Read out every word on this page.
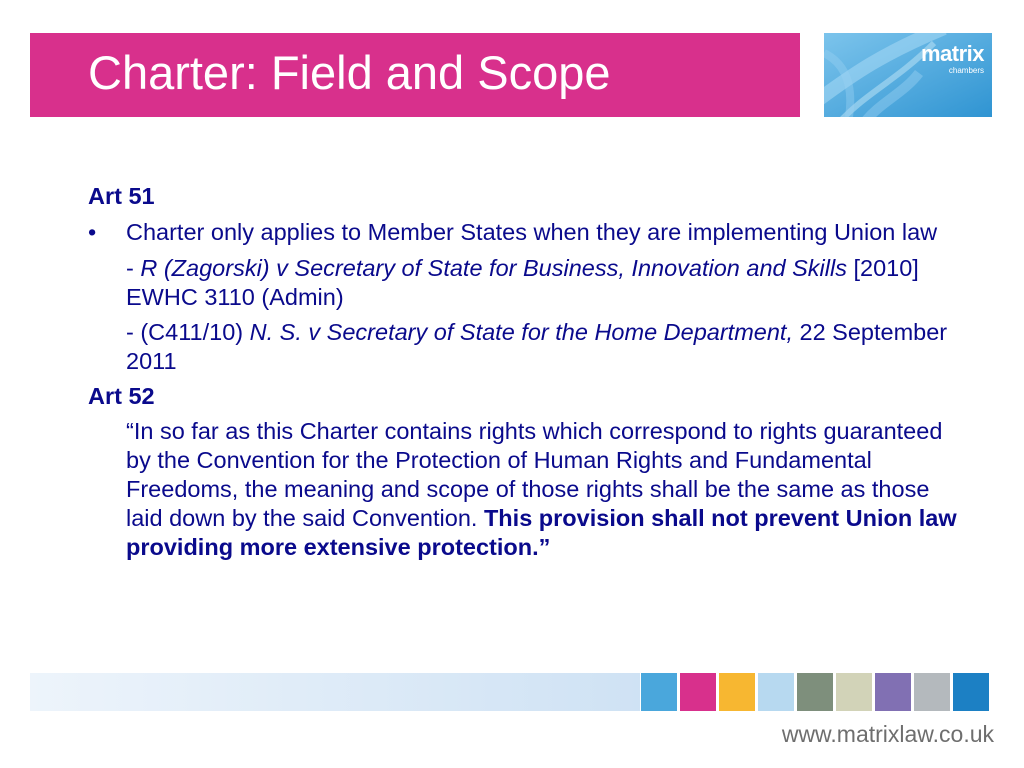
Charter: Field and Scope	matrix
chambers

Art 51

• Charter only applies to Member States when they are implementing Union law

- R (Zagorski) v Secretary of State for Business, Innovation and Skills [2010] EWHC 3110 (Admin)

- (C411/10) N. S. v Secretary of State for the Home Department, 22 September 2011

Art 52

“In so far as this Charter contains rights which correspond to rights guaranteed by the Convention for the Protection of Human Rights and Fundamental Freedoms, the meaning and scope of those rights shall be the same as those laid down by the said Convention. This provision shall not prevent Union law providing more extensive protection.”

www.matrixlaw.co.uk
